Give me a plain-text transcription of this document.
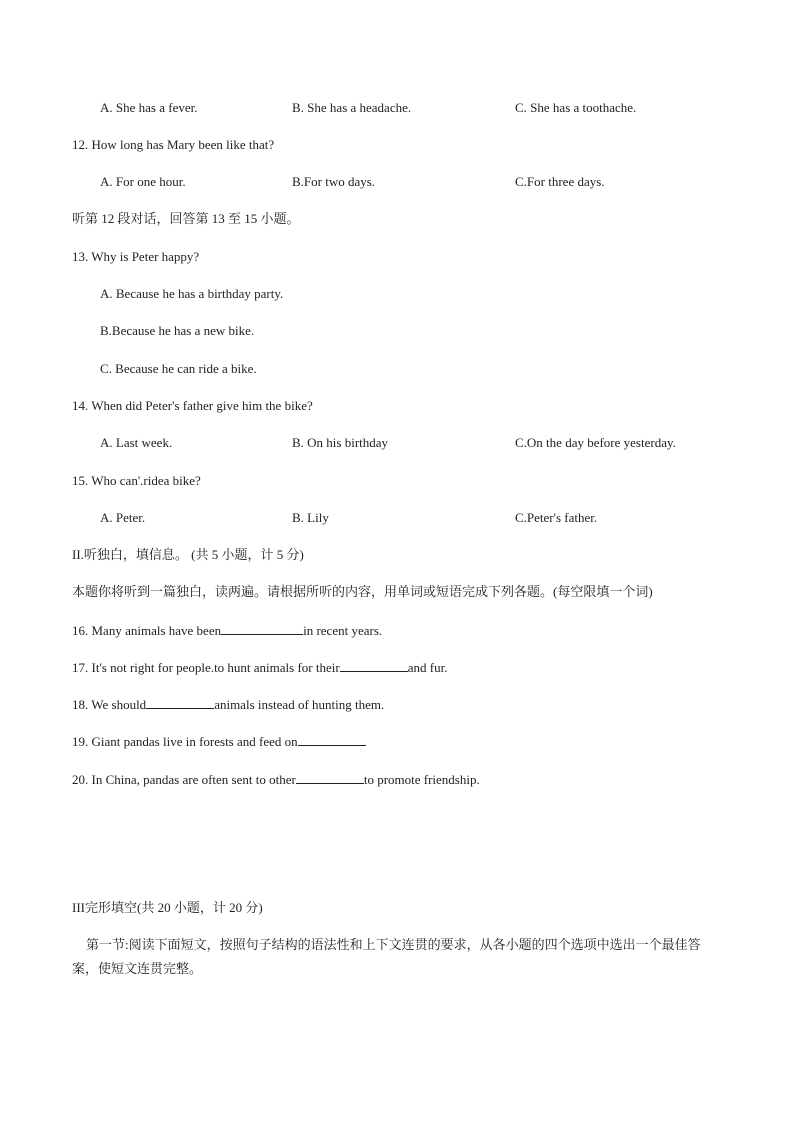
A. She has a fever.	B. She has a headache.	C. She has a toothache.
12. How long has Mary been like that?
A. For one hour.	B.For two days.	C.For three days.
听第 12 段对话，回答第 13 至 15 小题。
13. Why is Peter happy?
A. Because he has a birthday party.
B.Because he has a new bike.
C. Because he can ride a bike.
14. When did Peter's father give him the bike?
A. Last week.	B. On his birthday	C.On the day before yesterday.
15. Who can'.ridea bike?
A. Peter.	B. Lily	C.Peter's father.
II.听独白，填信息。 (共 5 小题，计 5 分)
本题你将听到一篇独白，读两遍。请根据所听的内容，用单词或短语完成下列各题。(每空限填一个词)
16. Many animals have been	in recent years.
17. It's not right for people.to hunt animals for their	and fur.
18. We should	animals instead of hunting them.
19. Giant pandas live in forests and feed on
20. In China, pandas are often sent to other	to promote friendship.
III完形填空(共 20 小题，计 20 分)
第一节:阅读下面短文，按照句子结构的语法性和上下文连贯的要求，从各小题的四个选项中选出一个最佳答案，使短文连贯完整。
